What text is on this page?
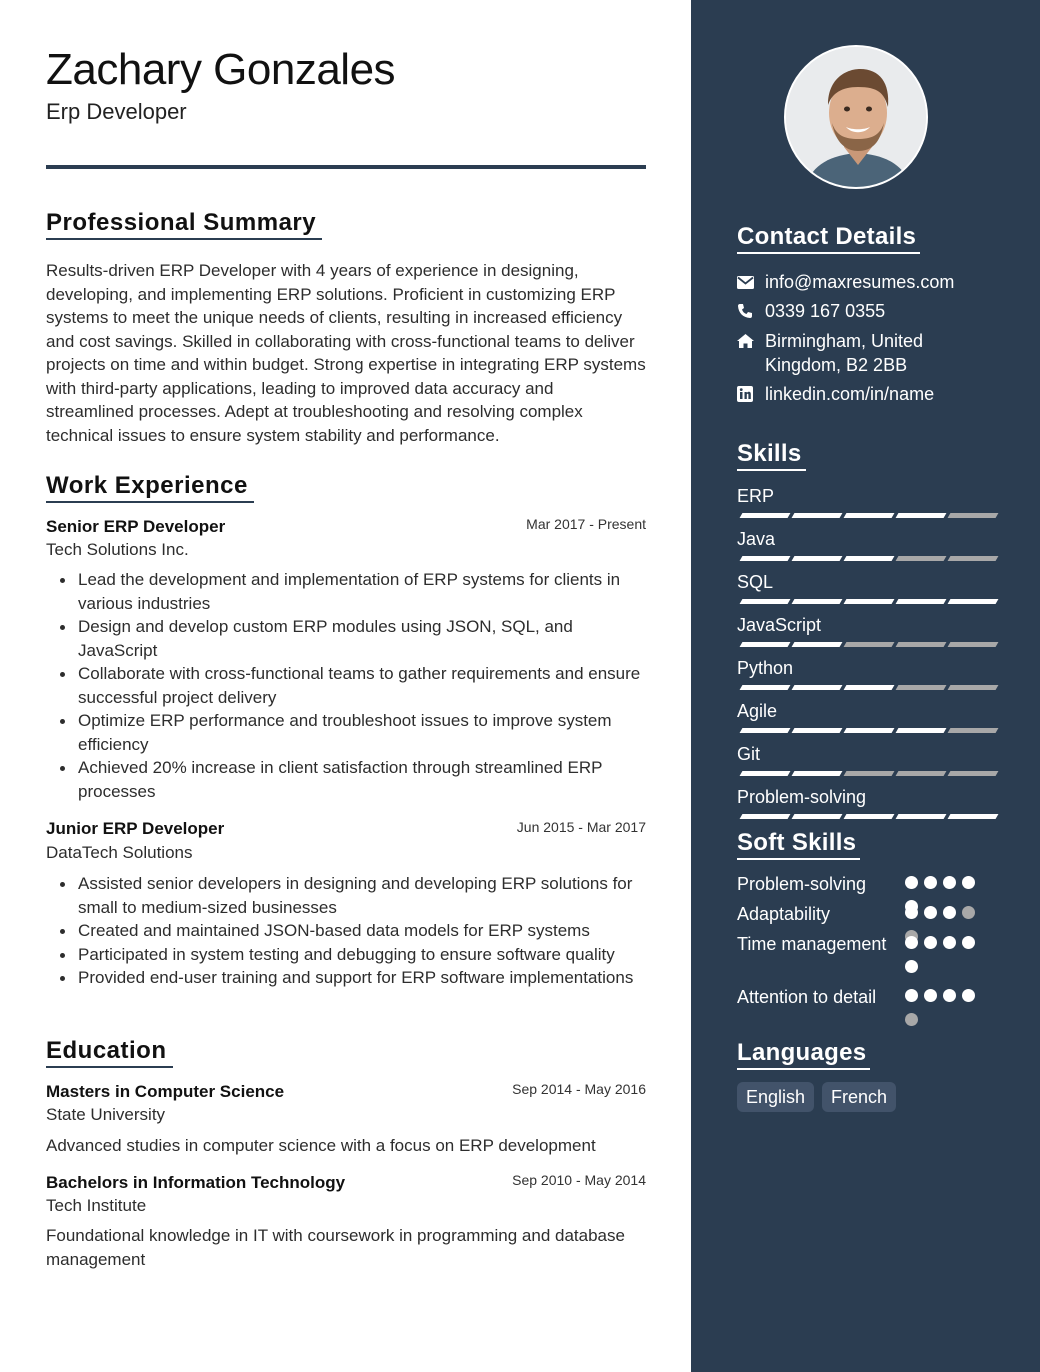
Zachary Gonzales
Erp Developer
Professional Summary
Results-driven ERP Developer with 4 years of experience in designing, developing, and implementing ERP solutions. Proficient in customizing ERP systems to meet the unique needs of clients, resulting in increased efficiency and cost savings. Skilled in collaborating with cross-functional teams to deliver projects on time and within budget. Strong expertise in integrating ERP systems with third-party applications, leading to improved data accuracy and streamlined processes. Adept at troubleshooting and resolving complex technical issues to ensure system stability and performance.
Work Experience
Senior ERP Developer	Mar 2017 - Present
Tech Solutions Inc.
Lead the development and implementation of ERP systems for clients in various industries
Design and develop custom ERP modules using JSON, SQL, and JavaScript
Collaborate with cross-functional teams to gather requirements and ensure successful project delivery
Optimize ERP performance and troubleshoot issues to improve system efficiency
Achieved 20% increase in client satisfaction through streamlined ERP processes
Junior ERP Developer	Jun 2015 - Mar 2017
DataTech Solutions
Assisted senior developers in designing and developing ERP solutions for small to medium-sized businesses
Created and maintained JSON-based data models for ERP systems
Participated in system testing and debugging to ensure software quality
Provided end-user training and support for ERP software implementations
Education
Masters in Computer Science	Sep 2014 - May 2016
State University
Advanced studies in computer science with a focus on ERP development
Bachelors in Information Technology	Sep 2010 - May 2014
Tech Institute
Foundational knowledge in IT with coursework in programming and database management
Contact Details
info@maxresumes.com
0339 167 0355
Birmingham, United
Kingdom, B2 2BB
linkedin.com/in/name
Skills
ERP
Java
SQL
JavaScript
Python
Agile
Git
Problem-solving
Soft Skills
Problem-solving
Adaptability
Time management
Attention to detail
Languages
English	French
